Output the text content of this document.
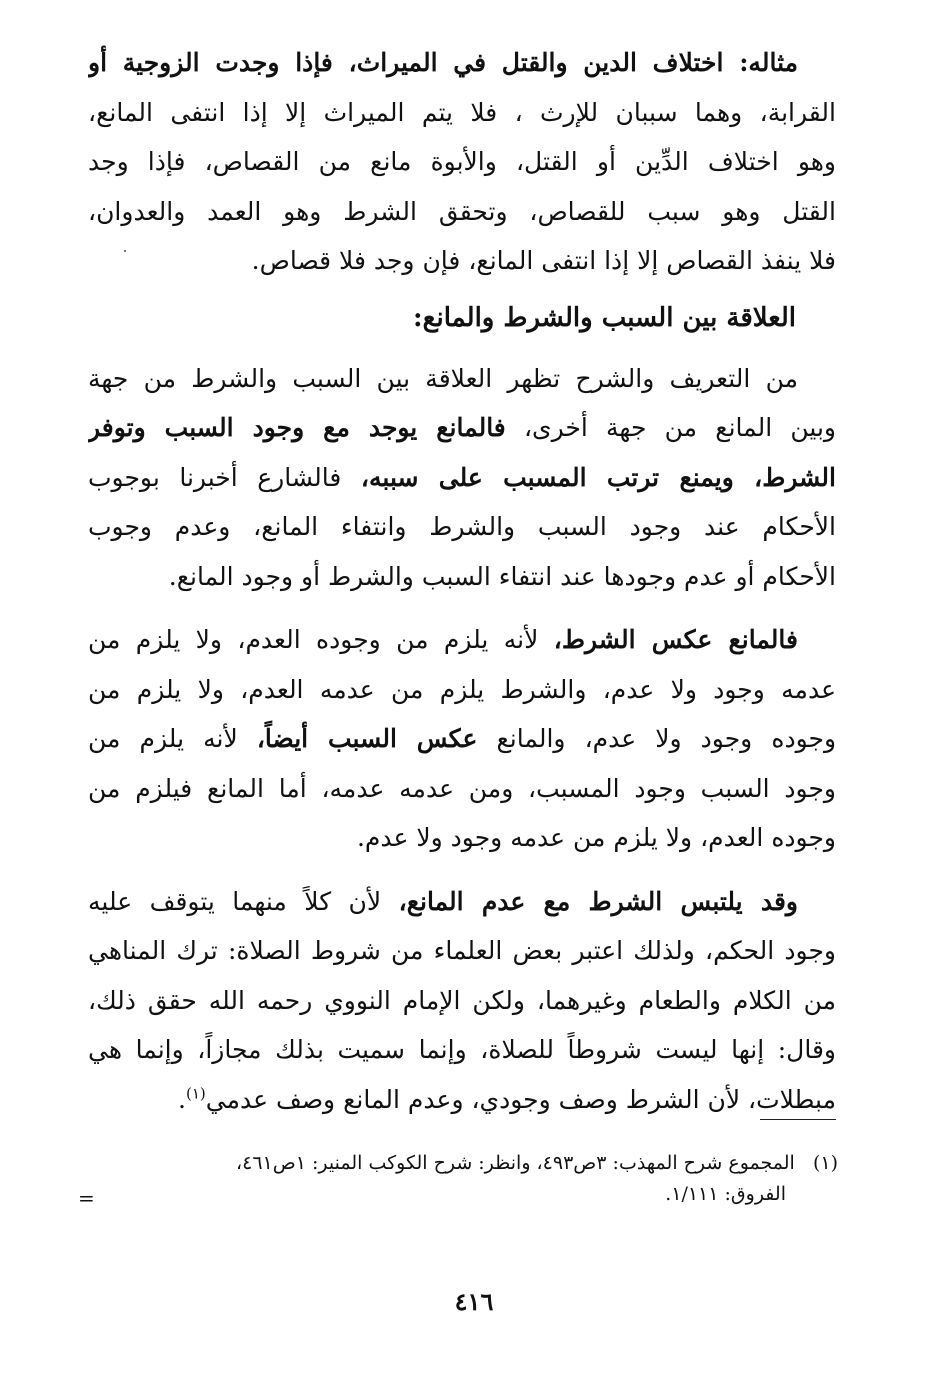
مثاله: اختلاف الدين والقتل في الميراث، فإذا وجدت الزوجية أو
القرابة، وهما سببان للإرث ، فلا يتم الميراث إلا إذا انتفى المانع،
وهو اختلاف الدِّين أو القتل، والأبوة مانع من القصاص، فإذا وجد
القتل وهو سبب للقصاص، وتحقق الشرط وهو العمد والعدوان،
فلا ينفذ القصاص إلا إذا انتفى المانع، فإن وجد فلا قصاص.

العلاقة بين السبب والشرط والمانع:

من التعريف والشرح تظهر العلاقة بين السبب والشرط من جهة
وبين المانع من جهة أخرى، فالمانع يوجد مع وجود السبب وتوفر
الشرط، ويمنع ترتب المسبب على سببه، فالشارع أخبرنا بوجوب
الأحكام عند وجود السبب والشرط وانتفاء المانع، وعدم وجوب
الأحكام أو عدم وجودها عند انتفاء السبب والشرط أو وجود المانع.

فالمانع عكس الشرط، لأنه يلزم من وجوده العدم، ولا يلزم من
عدمه وجود ولا عدم، والشرط يلزم من عدمه العدم، ولا يلزم من
وجوده وجود ولا عدم، والمانع عكس السبب أيضاً، لأنه يلزم من
وجود السبب وجود المسبب، ومن عدمه عدمه، أما المانع فيلزم من
وجوده العدم، ولا يلزم من عدمه وجود ولا عدم.

وقد يلتبس الشرط مع عدم المانع، لأن كلاً منهما يتوقف عليه
وجود الحكم، ولذلك اعتبر بعض العلماء من شروط الصلاة: ترك المناهي
من الكلام والطعام وغيرهما، ولكن الإمام النووي رحمه الله حقق ذلك،
وقال: إنها ليست شروطاً للصلاة، وإنما سميت بذلك مجازاً، وإنما هي
مبطلات، لأن الشرط وصف وجودي، وعدم المانع وصف عدمي$^{(١)}$.

(١)   المجموع شرح المهذب: ٣ص٤٩٣، وانظر: شرح الكوكب المنير: ١ص٤٦١،
الفروق: ١/١١١.
=
٤١٦
